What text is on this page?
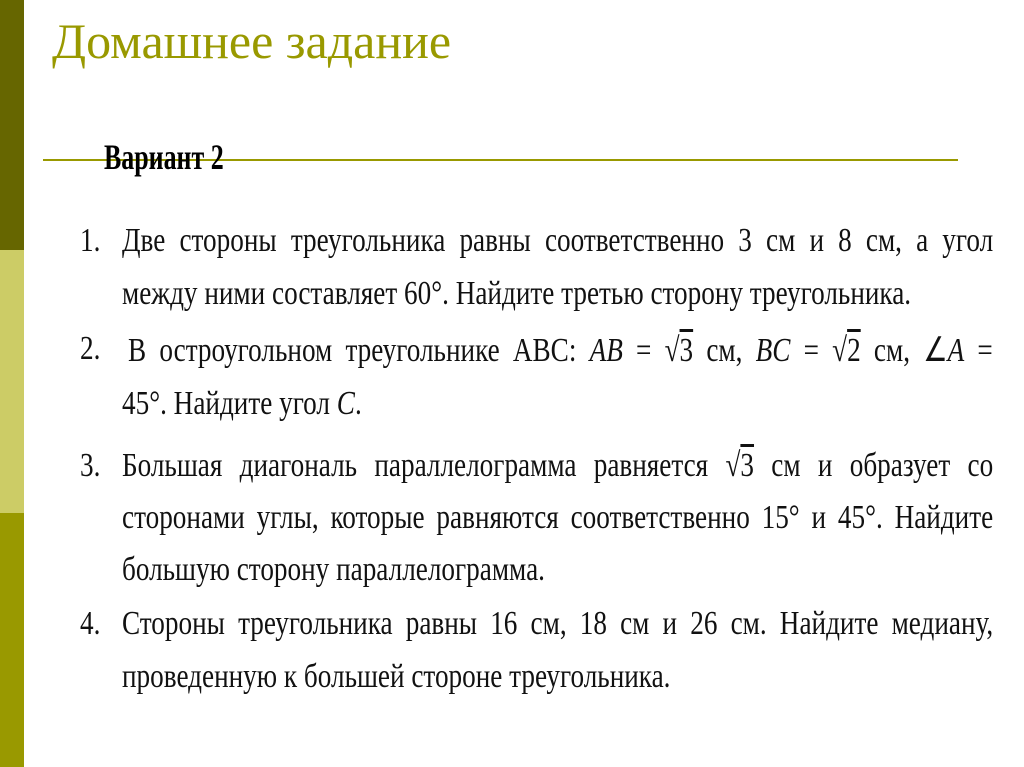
Домашнее задание
Вариант 2
1. Две стороны треугольника равны соответственно 3 см и 8 см, а угол
между ними составляет 60°. Найдите третью сторону треугольника.
2. В остроугольном треугольнике ABC: AB = √3 см, BC = √2 см, ∠A =
45°. Найдите угол C.
3. Большая диагональ параллелограмма равняется √3 см и образует со
сторонами углы, которые равняются соответственно 15° и 45°. Найдите
большую сторону параллелограмма.
4. Стороны треугольника равны 16 см, 18 см и 26 см. Найдите медиану,
проведенную к большей стороне треугольника.
